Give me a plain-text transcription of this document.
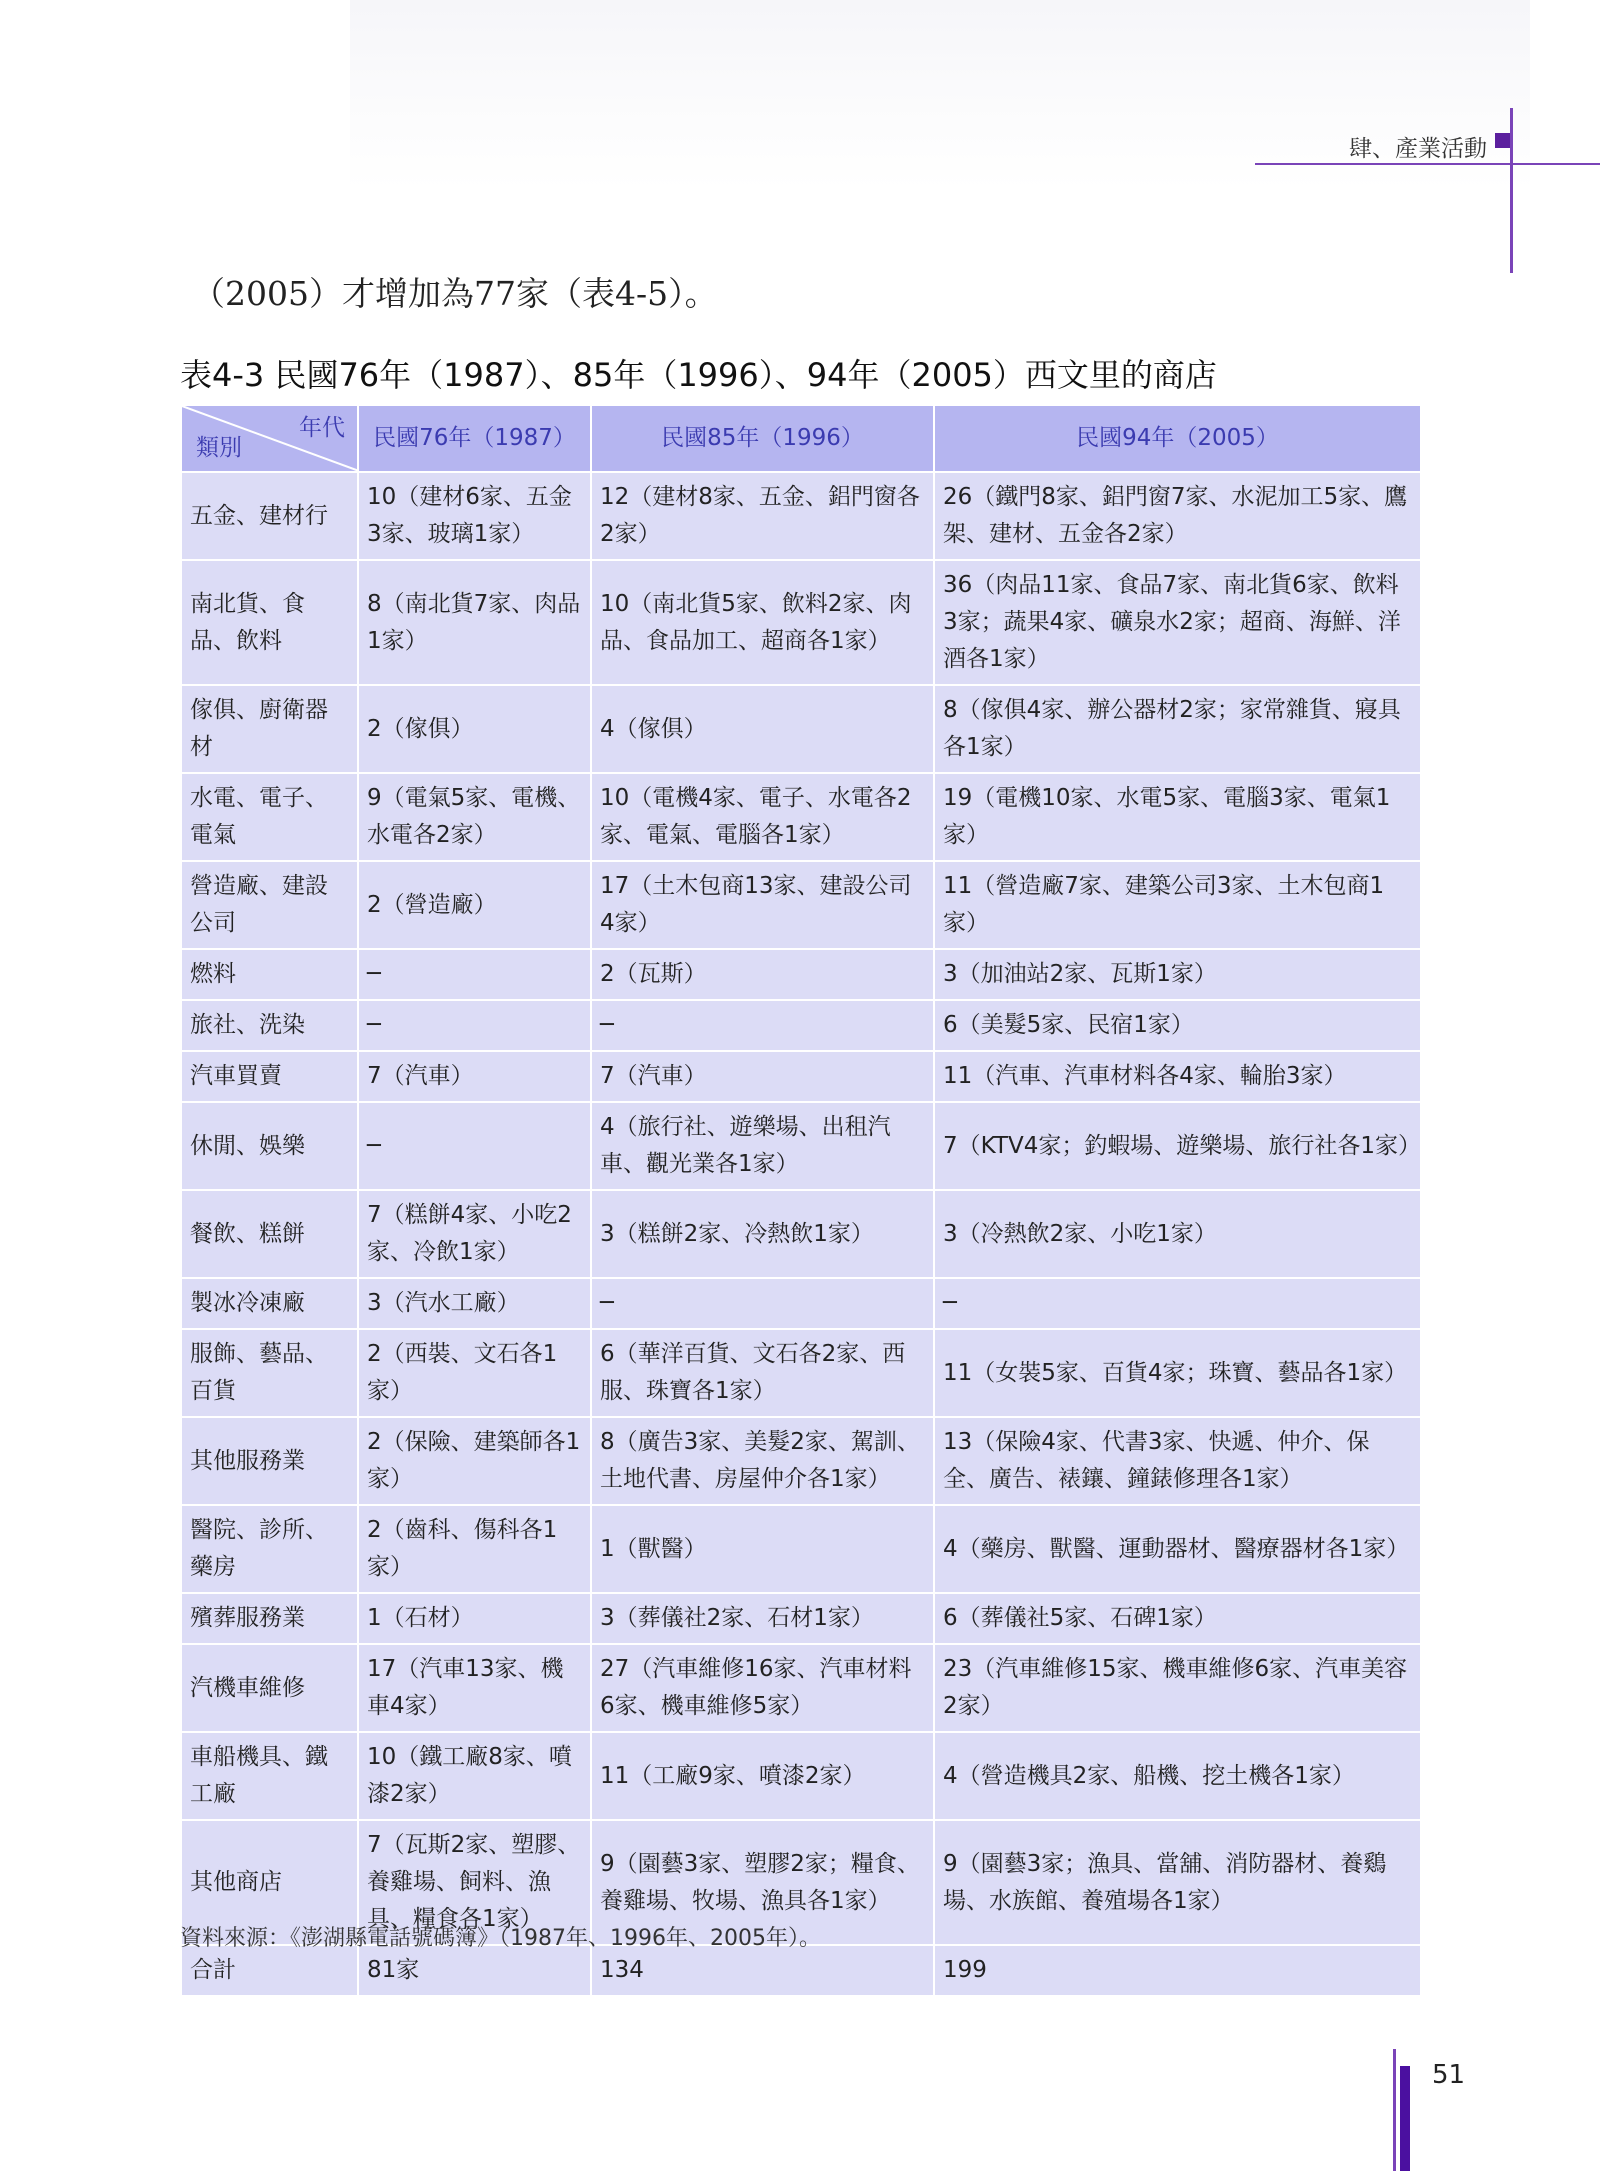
肆、產業活動
（2005）才增加為77家（表4-5）。
表4-3 民國76年（1987）、85年（1996）、94年（2005）西文里的商店
年代
類別	民國76年（1987）	民國85年（1996）	民國94年（2005）
五金、建材行	10（建材6家、五金3家、玻璃1家）	12（建材8家、五金、鋁門窗各2家）	26（鐵門8家、鋁門窗7家、水泥加工5家、鷹架、建材、五金各2家）
南北貨、食品、飲料	8（南北貨7家、肉品1家）	10（南北貨5家、飲料2家、肉品、食品加工、超商各1家）	36（肉品11家、食品7家、南北貨6家、飲料3家；蔬果4家、礦泉水2家；超商、海鮮、洋酒各1家）
傢俱、廚衛器材	2（傢俱）	4（傢俱）	8（傢俱4家、辦公器材2家；家常雜貨、寢具各1家）
水電、電子、電氣	9（電氣5家、電機、水電各2家）	10（電機4家、電子、水電各2家、電氣、電腦各1家）	19（電機10家、水電5家、電腦3家、電氣1家）
營造廠、建設公司	2（營造廠）	17（土木包商13家、建設公司4家）	11（營造廠7家、建築公司3家、土木包商1家）
燃料	─	2（瓦斯）	3（加油站2家、瓦斯1家）
旅社、洗染	─	─	6（美髮5家、民宿1家）
汽車買賣	7（汽車）	7（汽車）	11（汽車、汽車材料各4家、輪胎3家）
休閒、娛樂	─	4（旅行社、遊樂場、出租汽車、觀光業各1家）	7（KTV4家；釣蝦場、遊樂場、旅行社各1家）
餐飲、糕餅	7（糕餅4家、小吃2家、冷飲1家）	3（糕餅2家、冷熱飲1家）	3（冷熱飲2家、小吃1家）
製冰冷凍廠	3（汽水工廠）	─	─
服飾、藝品、百貨	2（西裝、文石各1家）	6（華洋百貨、文石各2家、西服、珠寶各1家）	11（女裝5家、百貨4家；珠寶、藝品各1家）
其他服務業	2（保險、建築師各1家）	8（廣告3家、美髮2家、駕訓、土地代書、房屋仲介各1家）	13（保險4家、代書3家、快遞、仲介、保全、廣告、裱鑲、鐘錶修理各1家）
醫院、診所、藥房	2（齒科、傷科各1家）	1（獸醫）	4（藥房、獸醫、運動器材、醫療器材各1家）
殯葬服務業	1（石材）	3（葬儀社2家、石材1家）	6（葬儀社5家、石碑1家）
汽機車維修	17（汽車13家、機車4家）	27（汽車維修16家、汽車材料6家、機車維修5家）	23（汽車維修15家、機車維修6家、汽車美容2家）
車船機具、鐵工廠	10（鐵工廠8家、噴漆2家）	11（工廠9家、噴漆2家）	4（營造機具2家、船機、挖土機各1家）
其他商店	7（瓦斯2家、塑膠、養雞場、飼料、漁具、糧食各1家）	9（園藝3家、塑膠2家；糧食、養雞場、牧場、漁具各1家）	9（園藝3家；漁具、當舖、消防器材、養鷄場、水族館、養殖場各1家）
合計	81家	134	199
資料來源：《澎湖縣電話號碼簿》（1987年、1996年、2005年）。
51
